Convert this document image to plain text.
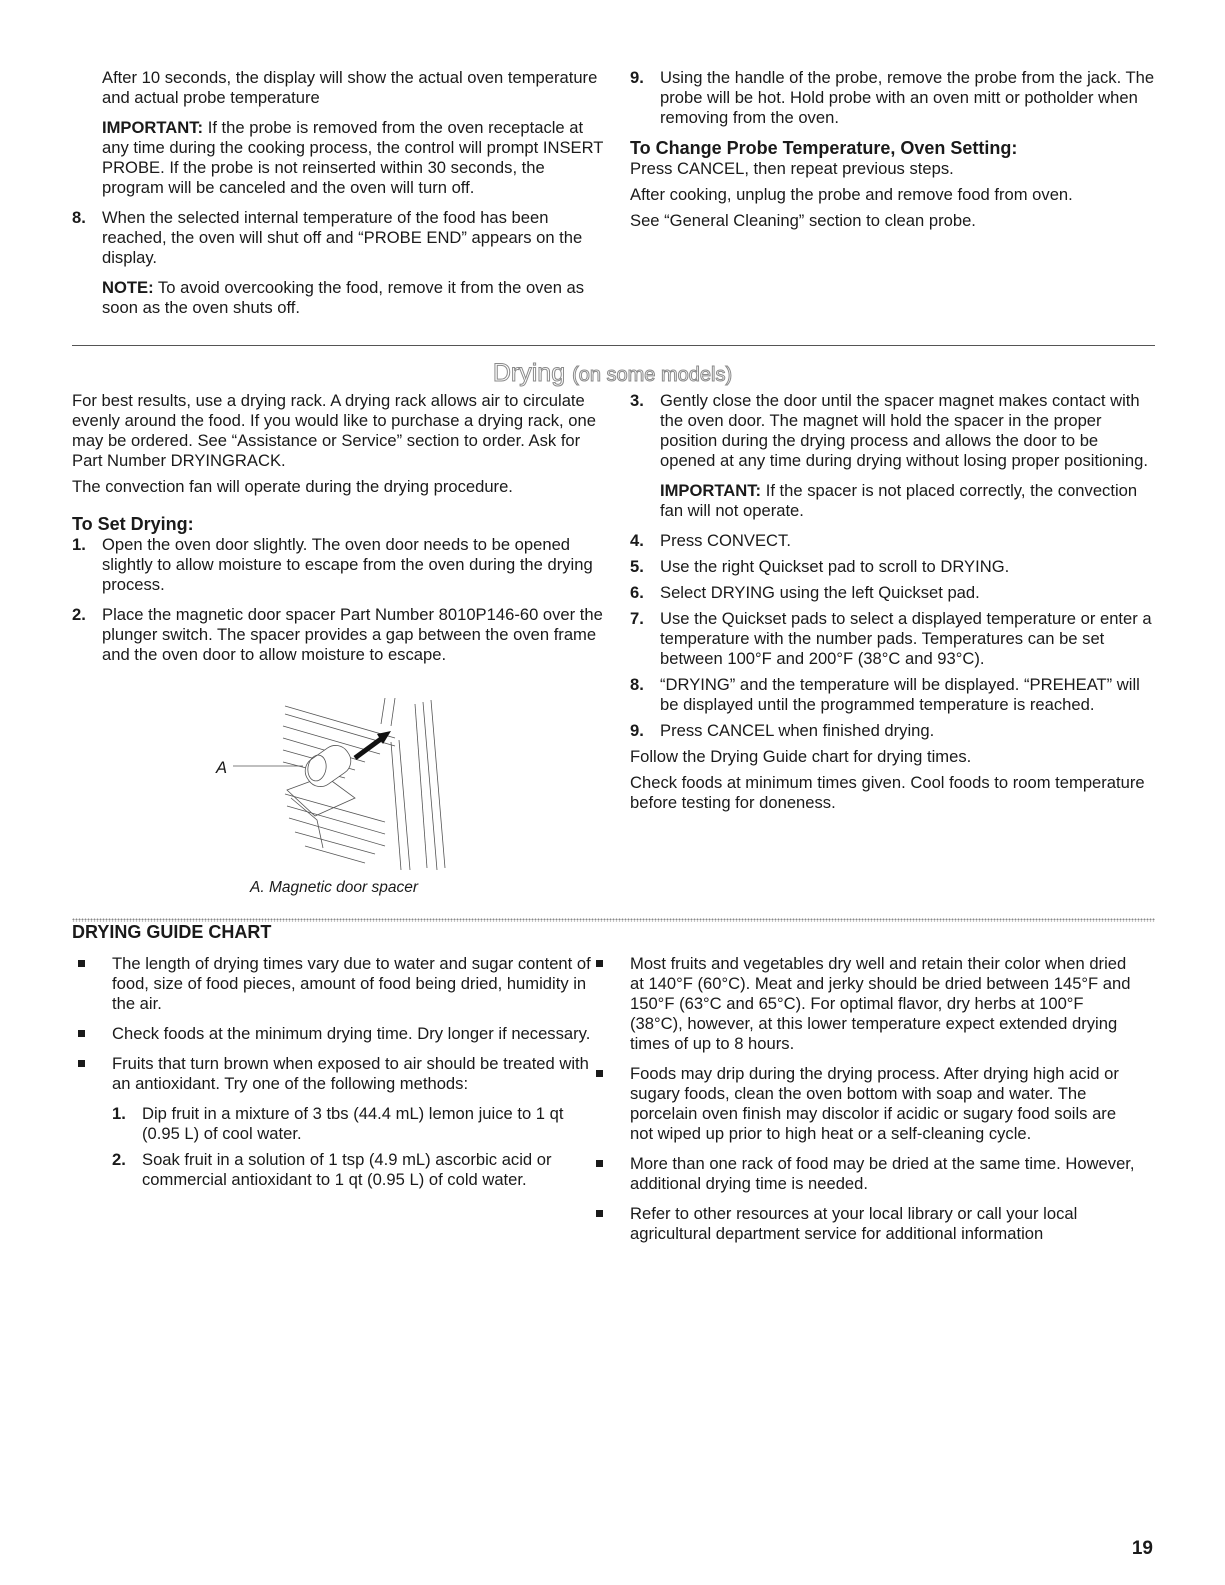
After 10 seconds, the display will show the actual oven temperature and actual probe temperature

IMPORTANT: If the probe is removed from the oven receptacle at any time during the cooking process, the control will prompt INSERT PROBE. If the probe is not reinserted within 30 seconds, the program will be canceled and the oven will turn off.

8. When the selected internal temperature of the food has been reached, the oven will shut off and “PROBE END” appears on the display.

NOTE: To avoid overcooking the food, remove it from the oven as soon as the oven shuts off.

9. Using the handle of the probe, remove the probe from the jack. The probe will be hot. Hold probe with an oven mitt or potholder when removing from the oven.

To Change Probe Temperature, Oven Setting:

Press CANCEL, then repeat previous steps.

After cooking, unplug the probe and remove food from oven.

See “General Cleaning” section to clean probe.

Drying (on some models)

For best results, use a drying rack. A drying rack allows air to circulate evenly around the food. If you would like to purchase a drying rack, one may be ordered. See “Assistance or Service” section to order. Ask for Part Number DRYINGRACK.

The convection fan will operate during the drying procedure.

To Set Drying:

1. Open the oven door slightly. The oven door needs to be opened slightly to allow moisture to escape from the oven during the drying process.

2. Place the magnetic door spacer Part Number 8010P146-60 over the plunger switch. The spacer provides a gap between the oven frame and the oven door to allow moisture to escape.

A
A. Magnetic door spacer
3. Gently close the door until the spacer magnet makes contact with the oven door. The magnet will hold the spacer in the proper position during the drying process and allows the door to be opened at any time during drying without losing proper positioning.

IMPORTANT: If the spacer is not placed correctly, the convection fan will not operate.

4. Press CONVECT.

5. Use the right Quickset pad to scroll to DRYING.

6. Select DRYING using the left Quickset pad.

7. Use the Quickset pads to select a displayed temperature or enter a temperature with the number pads. Temperatures can be set between 100°F and 200°F (38°C and 93°C).

8. “DRYING” and the temperature will be displayed. “PREHEAT” will be displayed until the programmed temperature is reached.

9. Press CANCEL when finished drying.

Follow the Drying Guide chart for drying times.

Check foods at minimum times given. Cool foods to room temperature before testing for doneness.

DRYING GUIDE CHART

The length of drying times vary due to water and sugar content of food, size of food pieces, amount of food being dried, humidity in the air.

Check foods at the minimum drying time. Dry longer if necessary.

Fruits that turn brown when exposed to air should be treated with an antioxidant. Try one of the following methods:

1. Dip fruit in a mixture of 3 tbs (44.4 mL) lemon juice to 1 qt (0.95 L) of cool water.

2. Soak fruit in a solution of 1 tsp (4.9 mL) ascorbic acid or commercial antioxidant to 1 qt (0.95 L) of cold water.

Most fruits and vegetables dry well and retain their color when dried at 140°F (60°C). Meat and jerky should be dried between 145°F and 150°F (63°C and 65°C). For optimal flavor, dry herbs at 100°F (38°C), however, at this lower temperature expect extended drying times of up to 8 hours.

Foods may drip during the drying process. After drying high acid or sugary foods, clean the oven bottom with soap and water. The porcelain oven finish may discolor if acidic or sugary food soils are not wiped up prior to high heat or a self-cleaning cycle.

More than one rack of food may be dried at the same time. However, additional drying time is needed.

Refer to other resources at your local library or call your local agricultural department service for additional information

19
